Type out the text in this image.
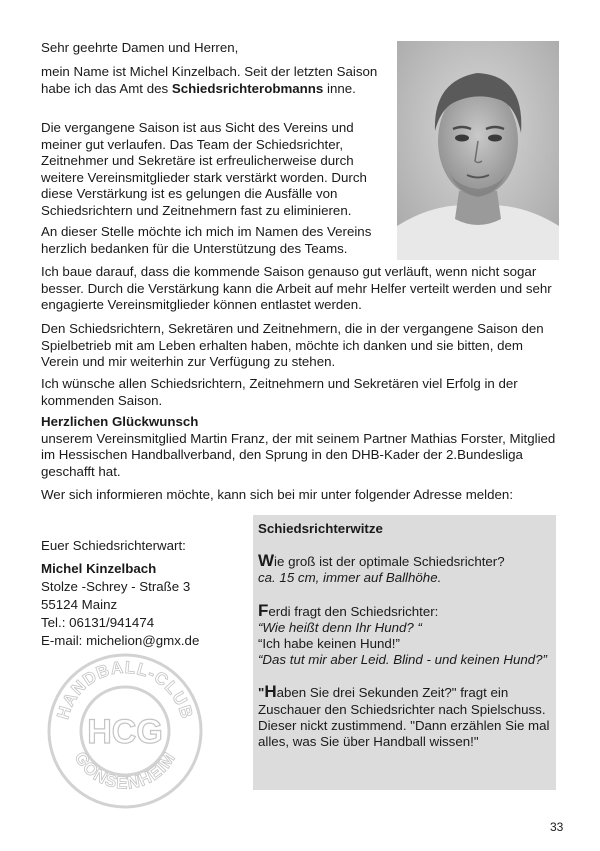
Sehr geehrte Damen und Herren,

mein Name ist Michel Kinzelbach. Seit der letzten Saison habe ich das Amt des Schiedsrichterobmanns inne.

Die vergangene Saison ist aus Sicht des Vereins und meiner gut verlaufen. Das Team der Schiedsrichter, Zeitnehmer und Sekretäre ist erfreulicherweise durch weitere Vereinsmitglieder stark verstärkt worden. Durch diese Verstärkung ist es gelungen die Ausfälle von Schiedsrichtern und Zeitnehmern fast zu eliminieren.

An dieser Stelle möchte ich mich im Namen des Vereins herzlich bedanken für die Unterstützung des Teams.

Ich baue darauf, dass die kommende Saison genauso gut verläuft, wenn nicht sogar besser. Durch die Verstärkung kann die Arbeit auf mehr Helfer verteilt werden und sehr engagierte Vereinsmitglieder können entlastet werden.

Den Schiedsrichtern, Sekretären und Zeitnehmern, die in der vergangene Saison den Spielbetrieb mit am Leben erhalten haben, möchte ich danken und sie bitten, dem Verein und mir weiterhin zur Verfügung zu stehen.

Ich wünsche allen Schiedsrichtern, Zeitnehmern und Sekretären viel Erfolg in der kommenden Saison.

Herzlichen Glückwunsch

unserem Vereinsmitglied Martin Franz, der mit seinem Partner Mathias Forster, Mitglied im Hessischen Handballverband, den Sprung in den DHB-Kader der 2.Bundesliga geschafft hat.

Wer sich informieren möchte, kann sich bei mir unter folgender Adresse melden:

Euer Schiedsrichterwart:

Michel Kinzelbach

Stolze -Schrey - Straße 3

55124 Mainz

Tel.: 06131/941474

E-mail: michelion@gmx.de

HANDBALL-CLUB
GONSENHEIM
HCG

Schiedsrichterwitze

Wie groß ist der optimale Schiedsrichter?

ca. 15 cm, immer auf Ballhöhe.

Ferdi fragt den Schiedsrichter:

“Wie heißt denn Ihr Hund? “

“Ich habe keinen Hund!”

“Das tut mir aber Leid. Blind - und keinen Hund?”

"Haben Sie drei Sekunden Zeit?" fragt ein Zuschauer den Schiedsrichter nach Spielschuss. Dieser nickt zustimmend. "Dann erzählen Sie mal alles, was Sie über Handball wissen!"

33
